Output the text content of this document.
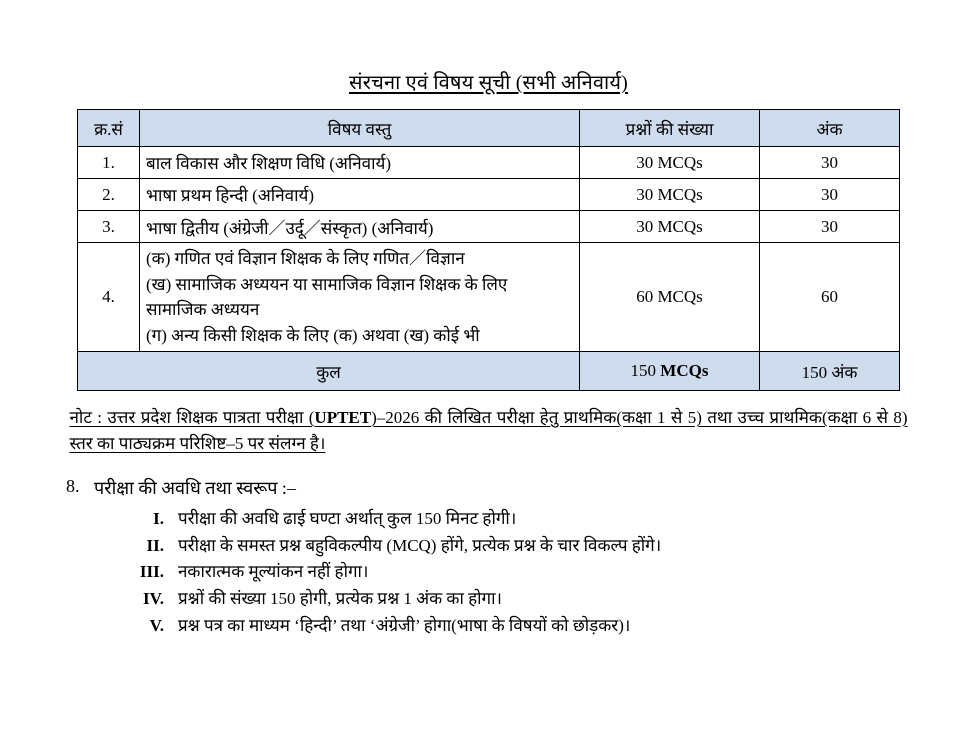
संरचना एवं विषय सूची (सभी अनिवार्य)
क्र.सं	विषय वस्तु	प्रश्नों की संख्या	अंक
1.	बाल विकास और शिक्षण विधि (अनिवार्य)	30 MCQs	30
2.	भाषा प्रथम हिन्दी (अनिवार्य)	30 MCQs	30
3.	भाषा द्वितीय (अंग्रेजी／उर्दू／संस्कृत) (अनिवार्य)	30 MCQs	30
4.	(क) गणित एवं विज्ञान शिक्षक के लिए गणित／विज्ञान
(ख) सामाजिक अध्ययन या सामाजिक विज्ञान शिक्षक के लिए
सामाजिक अध्ययन
(ग) अन्य किसी शिक्षक के लिए (क) अथवा (ख) कोई भी	60 MCQs	60
कुल		150 MCQs	150 अंक
नोट : उत्तर प्रदेश शिक्षक पात्रता परीक्षा (UPTET)–2026 की लिखित परीक्षा हेतु प्राथमिक(कक्षा 1 से 5) तथा उच्च प्राथमिक(कक्षा 6 से 8) स्तर का पाठ्यक्रम परिशिष्ट–5 पर संलग्न है।
8. परीक्षा की अवधि तथा स्वरूप :–
I. परीक्षा की अवधि ढाई घण्टा अर्थात् कुल 150 मिनट होगी।
II. परीक्षा के समस्त प्रश्न बहुविकल्पीय (MCQ) होंगे, प्रत्येक प्रश्न के चार विकल्प होंगे।
III. नकारात्मक मूल्यांकन नहीं होगा।
IV. प्रश्नों की संख्या 150 होगी, प्रत्येक प्रश्न 1 अंक का होगा।
V. प्रश्न पत्र का माध्यम ‘हिन्दी’ तथा ‘अंग्रेजी’ होगा(भाषा के विषयों को छोड़कर)।
